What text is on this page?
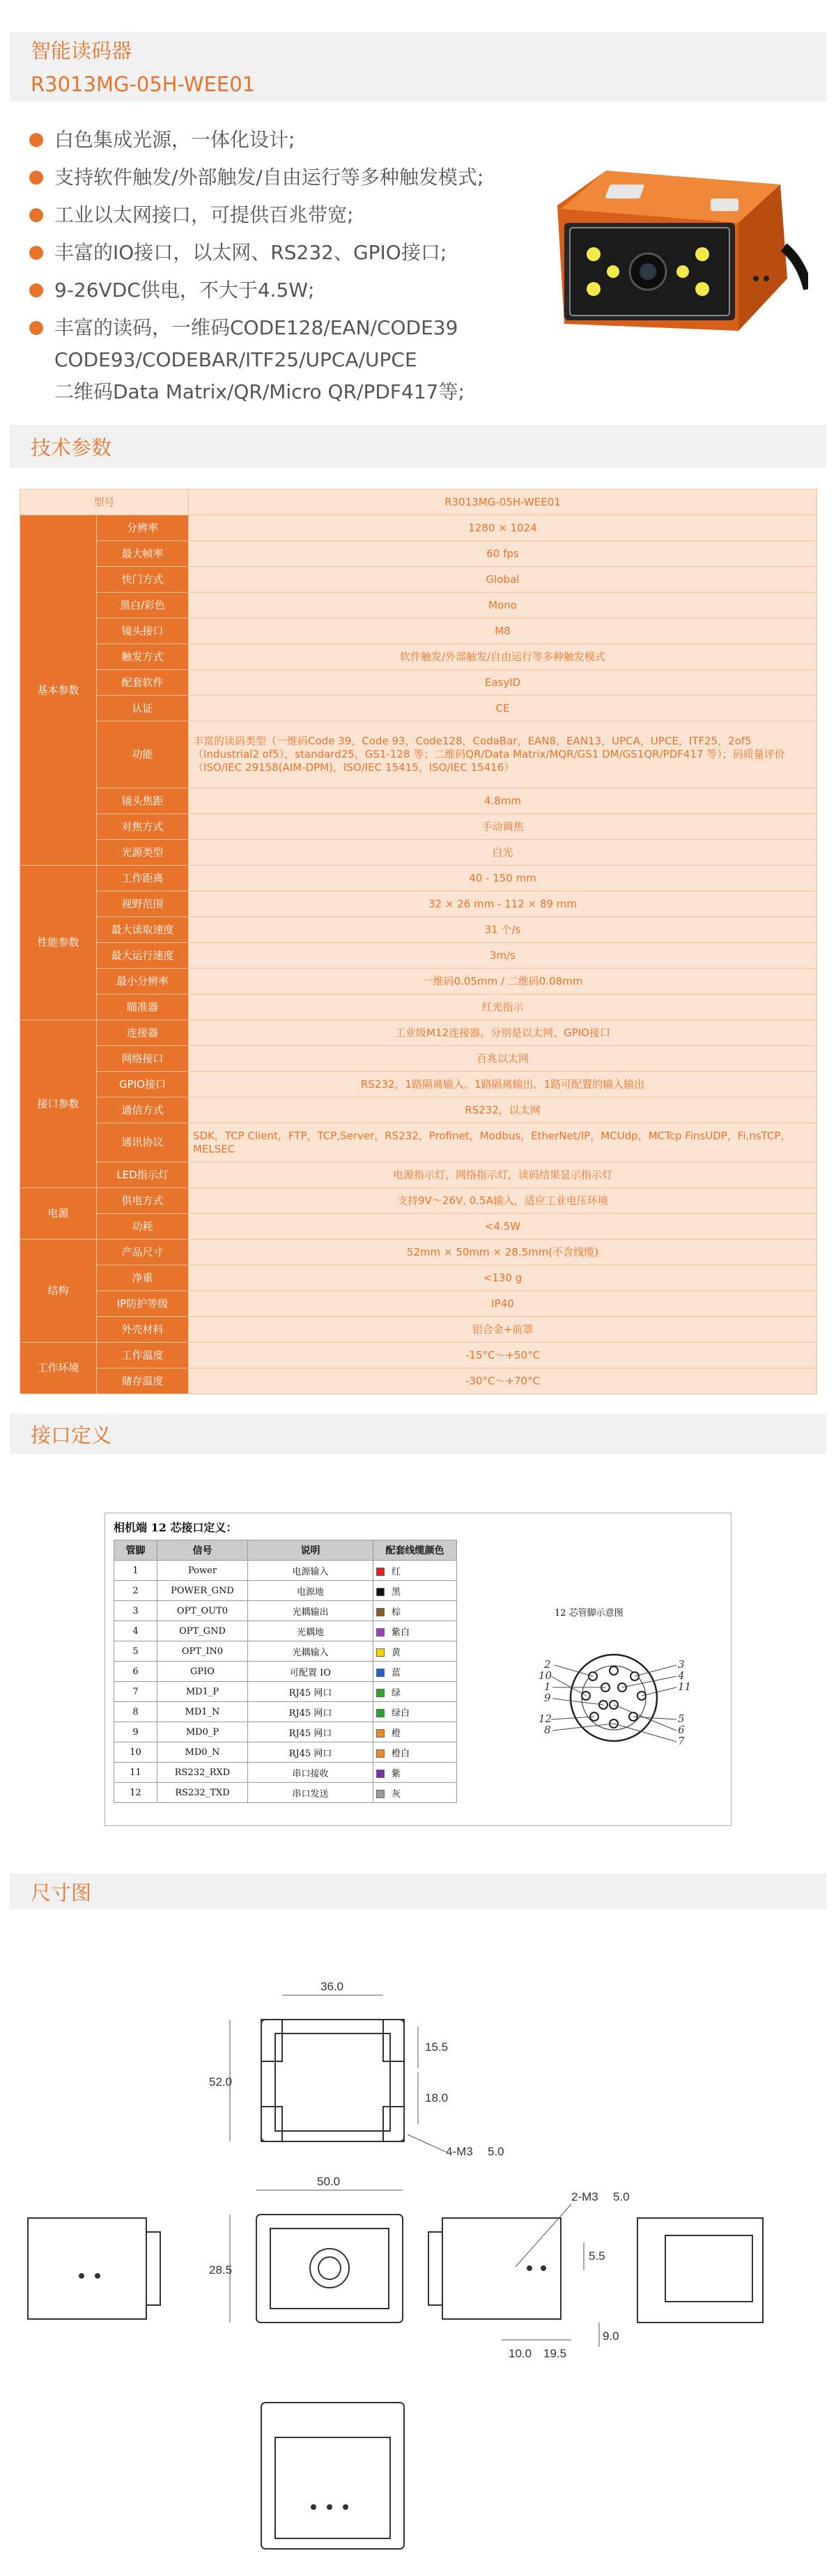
智能读码器
R3013MG-05H-WEE01
白色集成光源，一体化设计;
支持软件触发/外部触发/自由运行等多种触发模式;
工业以太网接口，可提供百兆带宽;
丰富的IO接口，以太网、RS232、GPIO接口;
9-26VDC供电，不大于4.5W;
丰富的读码，一维码CODE128/EAN/CODE39
CODE93/CODEBAR/ITF25/UPCA/UPCE
二维码Data Matrix/QR/Micro QR/PDF417等;
技术参数
型号		R3013MG-05H-WEE01
基本参数	分辨率	1280 × 1024
	最大帧率	60 fps
	快门方式	Global
	黑白/彩色	Mono
	镜头接口	M8
	触发方式	软件触发/外部触发/自由运行等多种触发模式
	配套软件	EasyID
	认证	CE
	功能	丰富的读码类型（一维码Code 39，Code 93，Code128，CodaBar，EAN8，EAN13，UPCA，UPCE，ITF25，2of5（Industrial2 of5），standard25，GS1-128 等；二维码QR/Data Matrix/MQR/GS1 DM/GS1QR/PDF417 等）；码质量评价（ISO/IEC 29158(AIM-DPM)，ISO/IEC 15415，ISO/IEC 15416）
	镜头焦距	4.8mm
	对焦方式	手动调焦
	光源类型	白光
性能参数	工作距离	40 - 150 mm
	视野范围	32 × 26 mm - 112 × 89 mm
	最大读取速度	31 个/s
	最大运行速度	3m/s
	最小分辨率	一维码0.05mm / 二维码0.08mm
	瞄准器	红光指示
接口参数	连接器	工业级M12连接器，分别是以太网、GPIO接口
	网络接口	百兆以太网
	GPIO接口	RS232，1路隔离输入、1路隔离输出、1路可配置的输入输出
	通信方式	RS232，以太网
	通讯协议	SDK，TCP Client，FTP，TCP,Server，RS232，Profinet，Modbus，EtherNet/IP，MCUdp，MCTcp FinsUDP，Fi,nsTCP，MELSEC
	LED指示灯	电源指示灯，网络指示灯，读码结果显示指示灯
电源	供电方式	支持9V～26V, 0.5A输入，适应工业电压环境
	功耗	<4.5W
结构	产品尺寸	52mm × 50mm × 28.5mm(不含线缆)
	净重	<130 g
	IP防护等级	IP40
	外壳材料	铝合金+前罩
工作环境	工作温度	-15°C～+50°C
	储存温度	-30°C～+70°C
接口定义
相机端 12 芯接口定义：
管脚	信号	说明	配套线缆颜色
1	Power	电源输入	红
2	POWER_GND	电源地	黑
3	OPT_OUT0	光耦输出	棕
4	OPT_GND	光耦地	紫白
5	OPT_IN0	光耦输入	黄
6	GPIO	可配置 IO	蓝
7	MD1_P	RJ45 网口	绿
8	MD1_N	RJ45 网口	绿白
9	MD0_P	RJ45 网口	橙
10	MD0_N	RJ45 网口	橙白
11	RS232_RXD	串口接收	紫
12	RS232_TXD	串口发送	灰
12 芯管脚示意图
2
10
1
9
12
8
3
4
11
5
6
7
尺寸图
36.0
15.5
18.0
52.0
4-M3 5.0
50.0
28.5
2-M3 5.0
5.5
10.0 19.5
9.0
